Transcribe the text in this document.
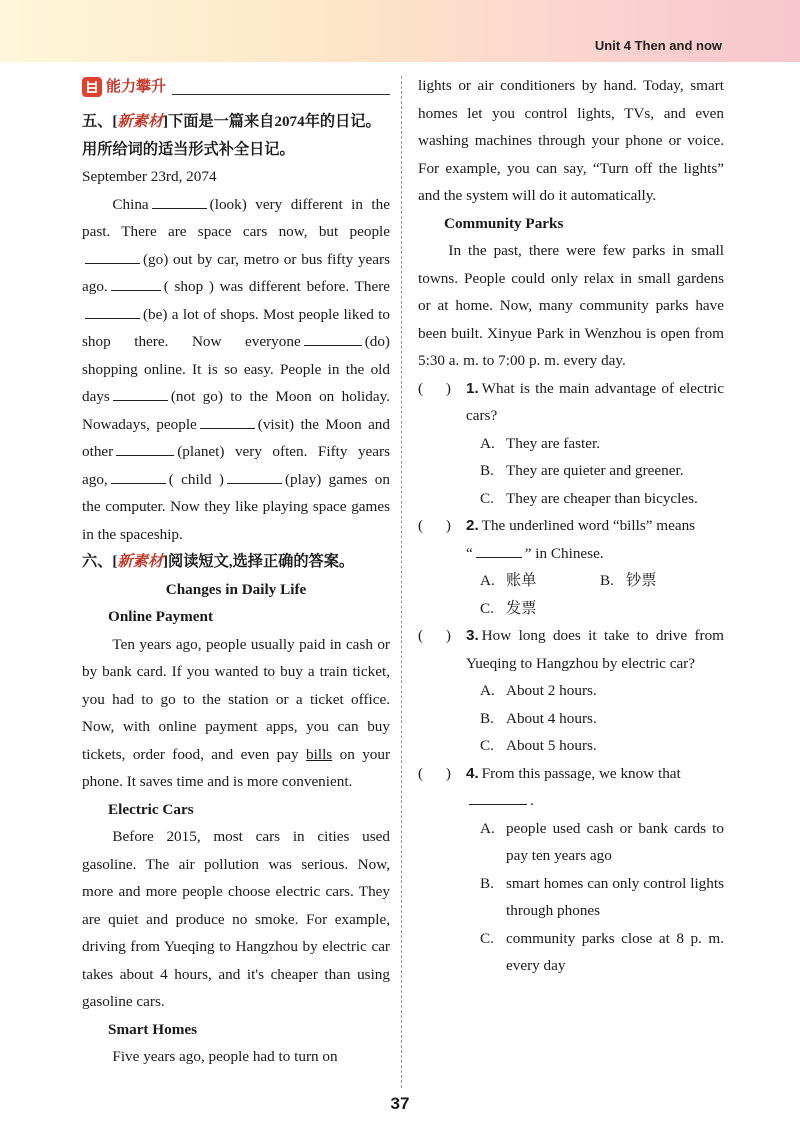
Unit 4 Then and now
能力攀升
五、[新素材]下面是一篇来自2074年的日记。用所给词的适当形式补全日记。
September 23rd, 2074
China	(look) very different in the past. There are space cars now, but people(go) out by car, metro or bus fifty years ago.	( shop ) was different before. There(be) a lot of shops. Most people liked to shop there. Now everyone	(do) shopping online. It is so easy. People in the old days	(not go) to the Moon on holiday. Nowadays, people	(visit) the Moon and other	(planet) very often. Fifty years ago,	( child )	(play) games on the computer. Now they like playing space games in the spaceship.
六、[新素材]阅读短文,选择正确的答案。
Changes in Daily Life
Online Payment
Ten years ago, people usually paid in cash or by bank card. If you wanted to buy a train ticket, you had to go to the station or a ticket office. Now, with online payment apps, you can buy tickets, order food, and even pay bills on your phone. It saves time and is more convenient.
Electric Cars
Before 2015, most cars in cities used gasoline. The air pollution was serious. Now, more and more people choose electric cars. They are quiet and produce no smoke. For example, driving from Yueqing to Hangzhou by electric car takes about 4 hours, and it's cheaper than using gasoline cars.
Smart Homes
Five years ago, people had to turn on
lights or air conditioners by hand. Today, smart homes let you control lights, TVs, and even washing machines through your phone or voice. For example, you can say, “Turn off the lights” and the system will do it automatically.
Community Parks
In the past, there were few parks in small towns. People could only relax in small gardens or at home. Now, many community parks have been built. Xinyue Park in Wenzhou is open from 5:30 a. m. to 7:00 p. m. every day.
(   ) 1. What is the main advantage of electric cars?
A. They are faster.
B. They are quieter and greener.
C. They are cheaper than bicycles.
(   ) 2. The underlined word “bills” means
“	” in Chinese.
A. 账单	B. 钞票
C. 发票
(   ) 3. How long does it take to drive from Yueqing to Hangzhou by electric car?
A. About 2 hours.
B. About 4 hours.
C. About 5 hours.
(   ) 4. From this passage, we know that
.
A. people used cash or bank cards to pay ten years ago
B. smart homes can only control lights through phones
C. community parks close at 8 p. m. every day
37
